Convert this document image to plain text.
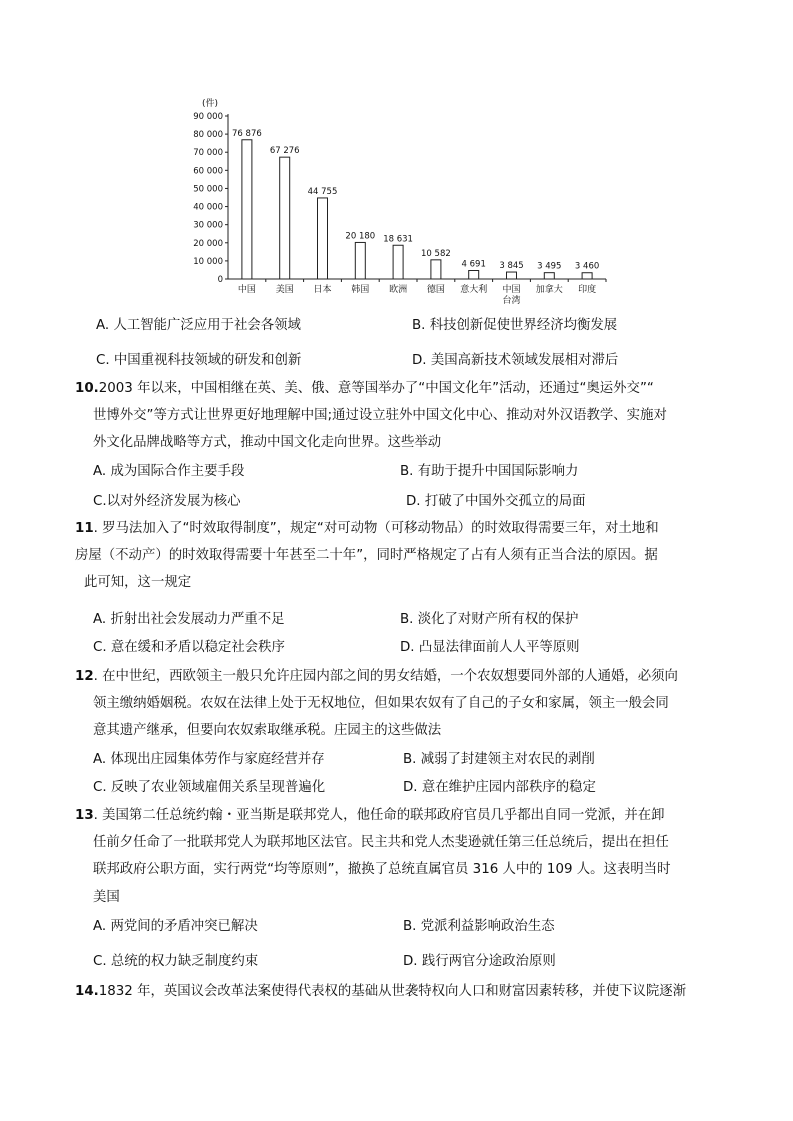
(件)
0
10 000
20 000
30 000
40 000
50 000
60 000
70 000
80 000
90 000
76 876
67 276
44 755
20 180 18 631
10 582
4 691 3 845 3 495 3 460
中国 美国 日本 韩国 欧洲 德国 意大利 中国
台湾
加拿大 印度
A. 人工智能广泛应用于社会各领域	B. 科技创新促使世界经济均衡发展
C. 中国重视科技领域的研发和创新	D. 美国高新技术领域发展相对滞后
10.2003 年以来，中国相继在英、美、俄、意等国举办了“中国文化年”活动，还通过“奥运外交”“
世博外交”等方式让世界更好地理解中国;通过设立驻外中国文化中心、推动对外汉语教学、实施对
外文化品牌战略等方式，推动中国文化走向世界。这些举动
A. 成为国际合作主要手段	B. 有助于提升中国国际影响力
C.以对外经济发展为核心	D. 打破了中国外交孤立的局面
11. 罗马法加入了“时效取得制度”，规定“对可动物（可移动物品）的时效取得需要三年，对土地和
房屋（不动产）的时效取得需要十年甚至二十年”，同时严格规定了占有人须有正当合法的原因。据
此可知，这一规定
A. 折射出社会发展动力严重不足	B. 淡化了对财产所有权的保护
C. 意在缓和矛盾以稳定社会秩序	D. 凸显法律面前人人平等原则
12. 在中世纪，西欧领主一般只允许庄园内部之间的男女结婚，一个农奴想要同外部的人通婚，必须向
领主缴纳婚姻税。农奴在法律上处于无权地位，但如果农奴有了自己的子女和家属，领主一般会同
意其遗产继承，但要向农奴索取继承税。庄园主的这些做法
A. 体现出庄园集体劳作与家庭经营并存	B. 减弱了封建领主对农民的剥削
C. 反映了农业领域雇佣关系呈现普遍化	D. 意在维护庄园内部秩序的稳定
13. 美国第二任总统约翰・亚当斯是联邦党人，他任命的联邦政府官员几乎都出自同一党派，并在卸
任前夕任命了一批联邦党人为联邦地区法官。民主共和党人杰斐逊就任第三任总统后，提出在担任
联邦政府公职方面，实行两党“均等原则”，撤换了总统直属官员 316 人中的 109 人。这表明当时
美国
A. 两党间的矛盾冲突已解决	B. 党派利益影响政治生态
C. 总统的权力缺乏制度约束	D. 践行两官分途政治原则
14.1832 年，英国议会改革法案使得代表权的基础从世袭特权向人口和财富因素转移，并使下议院逐渐
